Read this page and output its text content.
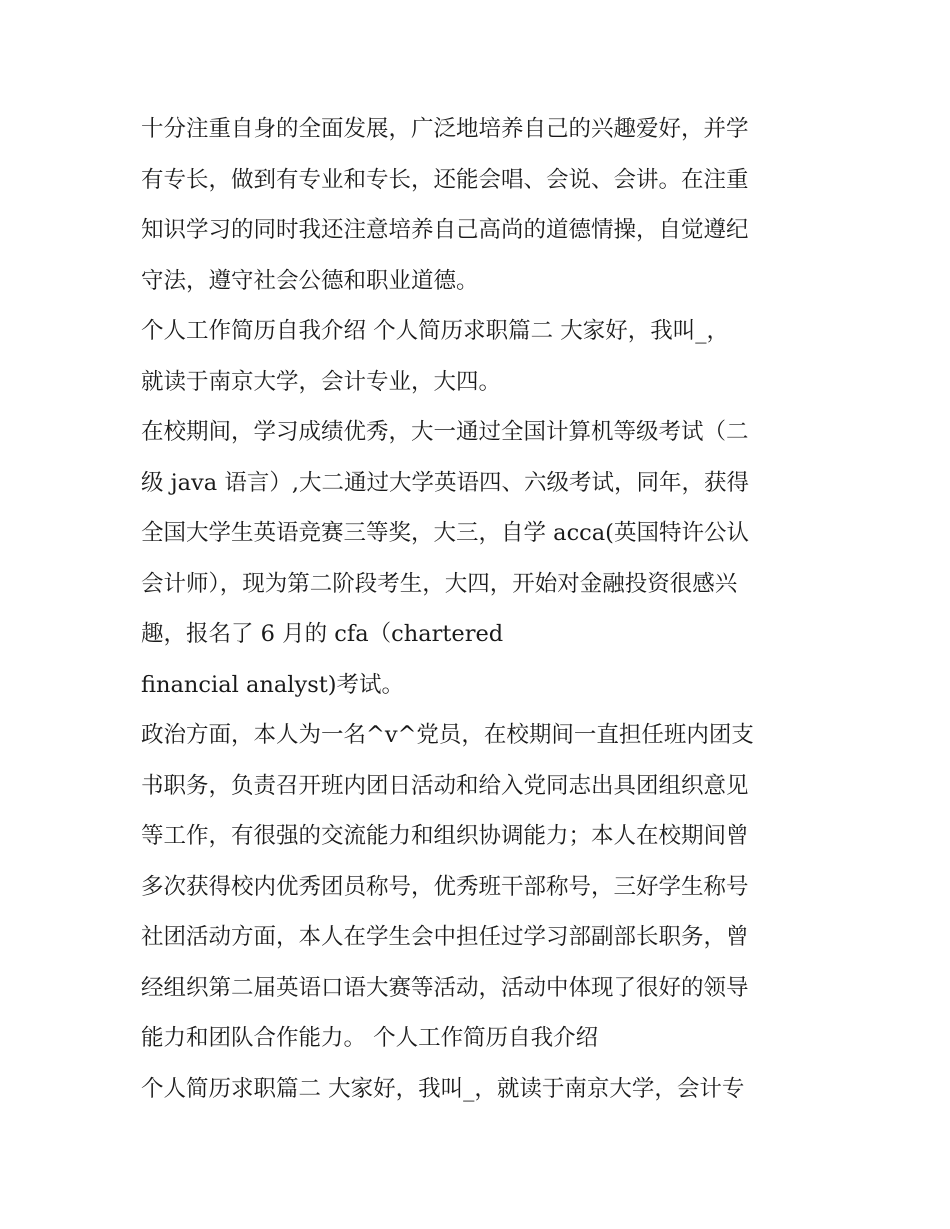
十分注重自身的全面发展，广泛地培养自己的兴趣爱好，并学
有专长，做到有专业和专长，还能会唱、会说、会讲。在注重
知识学习的同时我还注意培养自己高尚的道德情操，自觉遵纪
守法，遵守社会公德和职业道德。
个人工作简历自我介绍 个人简历求职篇二 大家好，我叫_，
就读于南京大学，会计专业，大四。
在校期间，学习成绩优秀，大一通过全国计算机等级考试（二
级 java 语言）,大二通过大学英语四、六级考试，同年，获得
全国大学生英语竞赛三等奖，大三，自学 acca(英国特许公认
会计师），现为第二阶段考生，大四，开始对金融投资很感兴
趣，报名了 6 月的 cfa（chartered
financial analyst)考试。
政治方面，本人为一名^v^党员，在校期间一直担任班内团支
书职务，负责召开班内团日活动和给入党同志出具团组织意见
等工作，有很强的交流能力和组织协调能力；本人在校期间曾
多次获得校内优秀团员称号，优秀班干部称号，三好学生称号
社团活动方面，本人在学生会中担任过学习部副部长职务，曾
经组织第二届英语口语大赛等活动，活动中体现了很好的领导
能力和团队合作能力。 个人工作简历自我介绍
个人简历求职篇二 大家好，我叫_，就读于南京大学，会计专
